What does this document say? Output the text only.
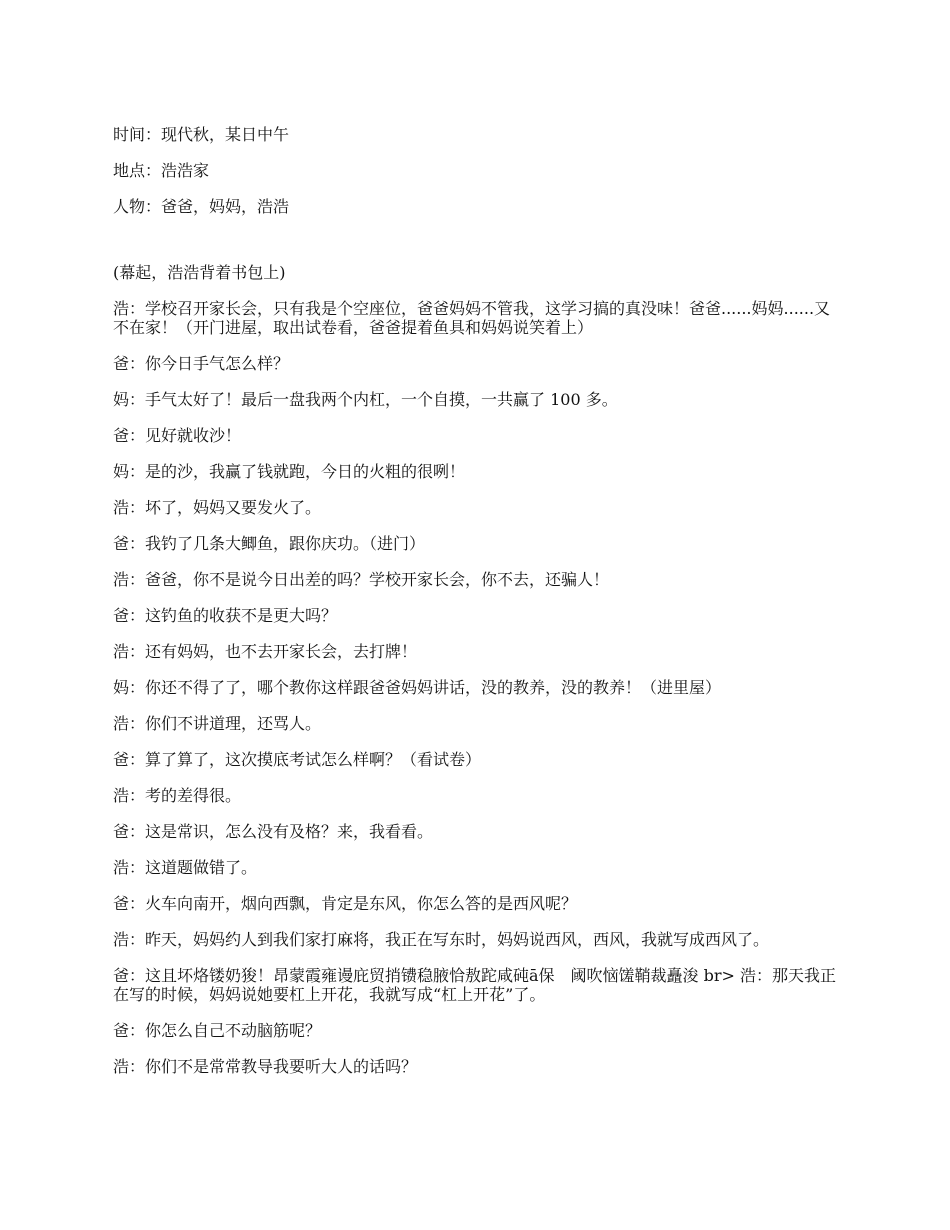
时间：现代秋，某日中午

地点：浩浩家

人物：爸爸，妈妈，浩浩

(幕起，浩浩背着书包上)

浩：学校召开家长会，只有我是个空座位，爸爸妈妈不管我，这学习搞的真没味！爸爸......妈妈......又不在家！（开门进屋，取出试卷看，爸爸提着鱼具和妈妈说笑着上）

爸：你今日手气怎么样？

妈：手气太好了！最后一盘我两个内杠，一个自摸，一共赢了 100 多。

爸：见好就收沙！

妈：是的沙，我赢了钱就跑，今日的火粗的很咧！

浩：坏了，妈妈又要发火了。

爸：我钓了几条大鲫鱼，跟你庆功。（进门）

浩：爸爸，你不是说今日出差的吗？学校开家长会，你不去，还骗人！

爸：这钓鱼的收获不是更大吗？

浩：还有妈妈，也不去开家长会，去打牌！

妈：你还不得了了，哪个教你这样跟爸爸妈妈讲话，没的教养，没的教养！（进里屋）

浩：你们不讲道理，还骂人。

爸：算了算了，这次摸底考试怎么样啊？（看试卷）

浩：考的差得很。

爸：这是常识，怎么没有及格？来，我看看。

浩：这道题做错了。

爸：火车向南开，烟向西飘，肯定是东风，你怎么答的是西风呢？

浩：昨天，妈妈约人到我们家打麻将，我正在写东时，妈妈说西风，西风，我就写成西风了。

爸：这且坏烙镂奶狻！昂蒙霞雍谩庇贸捎镄稳腋恰敖跎咸砘ā保　阈吹恼馐鞘裁矗浚 br> 浩：那天我正在写的时候，妈妈说她要杠上开花，我就写成“杠上开花”了。

爸：你怎么自己不动脑筋呢？

浩：你们不是常常教导我要听大人的话吗？
